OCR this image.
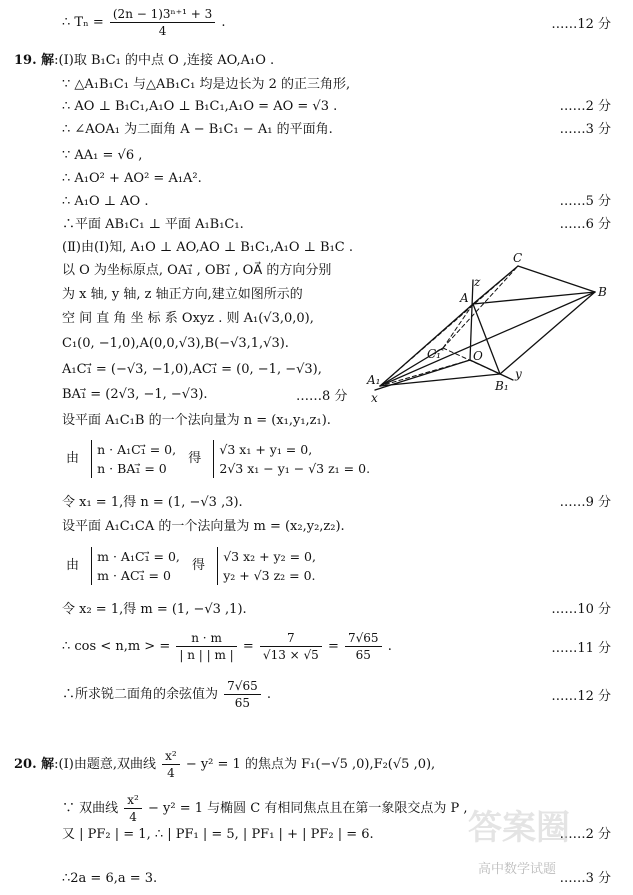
∴ $T_n = \frac{\text{(2n − 1)3ⁿ⁺¹ + 3}}{4}$ .	……12 分
19. 解:(Ⅰ)取 B₁C₁ 的中点 O ,连接 AO,A₁O .
∵ △A₁B₁C₁ 与△AB₁C₁ 均是边长为 2 的正三角形,
∴ AO ⊥ B₁C₁,A₁O ⊥ B₁C₁,A₁O = AO = √3 .	……2 分
∴ ∠AOA₁ 为二面角 A − B₁C₁ − A₁ 的平面角.	……3 分
∵ AA₁ = √6 ,
∴ A₁O² + AO² = A₁A².
∴ A₁O ⊥ AO .	……5 分
∴平面 AB₁C₁ ⊥ 平面 A₁B₁C₁.	……6 分
(Ⅱ)由(Ⅰ)知, A₁O ⊥ AO,AO ⊥ B₁C₁,A₁O ⊥ B₁C .
以 O 为坐标原点, OA₁⃗ , OB₁⃗ , OA⃗ 的方向分别
为 x 轴, y 轴, z 轴正方向,建立如图所示的
空 间 直 角 坐 标 系 Oxyz . 则 A₁(√3,0,0),
C₁(0, −1,0),A(0,0,√3),B(−√3,1,√3).
A₁C₁⃗ = (−√3, −1,0),AC₁⃗ = (0, −1, −√3),
BA₁⃗ = (2√3, −1, −√3).	……8 分
设平面 A₁C₁B 的一个法向量为 n = (x₁,y₁,z₁).
由
n · A₁C₁⃗ = 0,
n · BA₁⃗ = 0
得
√3 x₁ + y₁ = 0,
2√3 x₁ − y₁ − √3 z₁ = 0.
令 x₁ = 1,得 n = (1, −√3 ,3).	……9 分
设平面 A₁C₁CA 的一个法向量为 m = (x₂,y₂,z₂).
由
m · A₁C₁⃗ = 0,
m · AC₁⃗ = 0
得
√3 x₂ + y₂ = 0,
y₂ + √3 z₂ = 0.
令 x₂ = 1,得 m = (1, −√3 ,1).	……10 分
∴ cos < n,m > = $\frac{n \cdot m}{| n | | m |} = \frac{7}{√13 \times √5} = \frac{7√65}{65}$ .	……11 分
∴所求锐二面角的余弦值为 $\frac{7√65}{65}$ .	……12 分
20. 解:(Ⅰ)由题意,双曲线 $\frac{\text{x²}}{4} - y^2 = 1$ 的焦点为 F₁(−√5 ,0),F₂(√5 ,0),
∵ 双曲线 $\frac{\text{x²}}{4} - y^2 = 1$ 与椭圆 C 有相同焦点且在第一象限交点为 P ,
又 | PF₂ | = 1, ∴ | PF₁ | = 5, | PF₁ | + | PF₂ | = 6.	……2 分
∴2a = 6,a = 3.	……3 分
答案圈
高中数学试题
C
A	B
z
C₁	O
y
A₁	B₁
x
